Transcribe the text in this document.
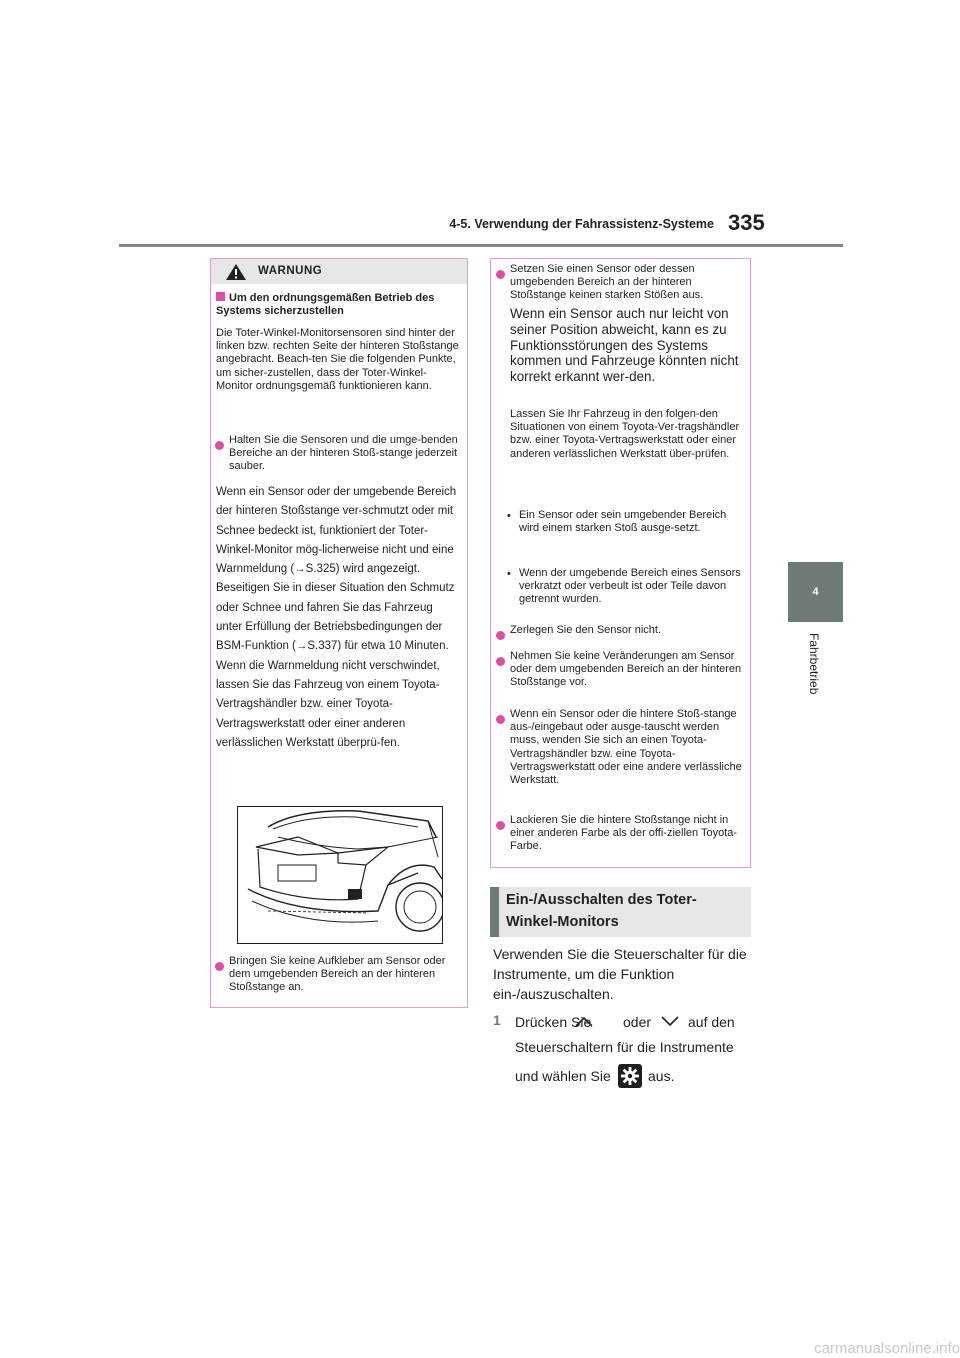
4-5. Verwendung der Fahrassistenz-Systeme 335
4
Fahrbetrieb
WARNUNG
Um den ordnungsgemäßen Betrieb des Systems sicherzustellen
Die Toter-Winkel-Monitorsensoren sind hinter der linken bzw. rechten Seite der hinteren Stoßstange angebracht. Beach-ten Sie die folgenden Punkte, um sicher-zustellen, dass der Toter-Winkel-Monitor ordnungsgemäß funktionieren kann.
Halten Sie die Sensoren und die umge-benden Bereiche an der hinteren Stoß-stange jederzeit sauber.
Wenn ein Sensor oder der umgebende Bereich der hinteren Stoßstange ver-schmutzt oder mit Schnee bedeckt ist, funktioniert der Toter-Winkel-Monitor mög-licherweise nicht und eine Warnmeldung (→S.325) wird angezeigt. Beseitigen Sie in dieser Situation den Schmutz oder Schnee und fahren Sie das Fahrzeug unter Erfüllung der Betriebsbedingungen der BSM-Funktion (→S.337) für etwa 10 Minuten. Wenn die Warnmeldung nicht verschwindet, lassen Sie das Fahrzeug von einem Toyota-Vertragshändler bzw. einer Toyota-Vertragswerkstatt oder einer anderen verlässlichen Werkstatt überprü-fen.
Bringen Sie keine Aufkleber am Sensor oder dem umgebenden Bereich an der hinteren Stoßstange an.
Setzen Sie einen Sensor oder dessen umgebenden Bereich an der hinteren Stoßstange keinen starken Stößen aus.
Wenn ein Sensor auch nur leicht von seiner Position abweicht, kann es zu Funktionsstörungen des Systems kommen und Fahrzeuge könnten nicht korrekt erkannt wer-den.
Lassen Sie Ihr Fahrzeug in den folgen-den Situationen von einem Toyota-Ver-tragshändler bzw. einer Toyota-Vertragswerkstatt oder einer anderen verlässlichen Werkstatt über-prüfen.
• Ein Sensor oder sein umgebender Bereich wird einem starken Stoß ausge-setzt.
• Wenn der umgebende Bereich eines Sensors verkratzt oder verbeult ist oder Teile davon getrennt wurden.
Zerlegen Sie den Sensor nicht.
Nehmen Sie keine Veränderungen am Sensor oder dem umgebenden Bereich an der hinteren Stoßstange vor.
Wenn ein Sensor oder die hintere Stoß-stange aus-/eingebaut oder ausge-tauscht werden muss, wenden Sie sich an einen Toyota-Vertragshändler bzw. eine Toyota-Vertragswerkstatt oder eine andere verlässliche Werkstatt.
Lackieren Sie die hintere Stoßstange nicht in einer anderen Farbe als der offi-ziellen Toyota-Farbe.
Ein-/Ausschalten des Toter-Winkel-Monitors
Verwenden Sie die Steuerschalter für die Instrumente, um die Funktion ein-/auszuschalten.
1 Drücken Sie oder	auf den
Steuerschaltern für die Instrumente
und wählen Sie	aus.
carmanualsonline.info
